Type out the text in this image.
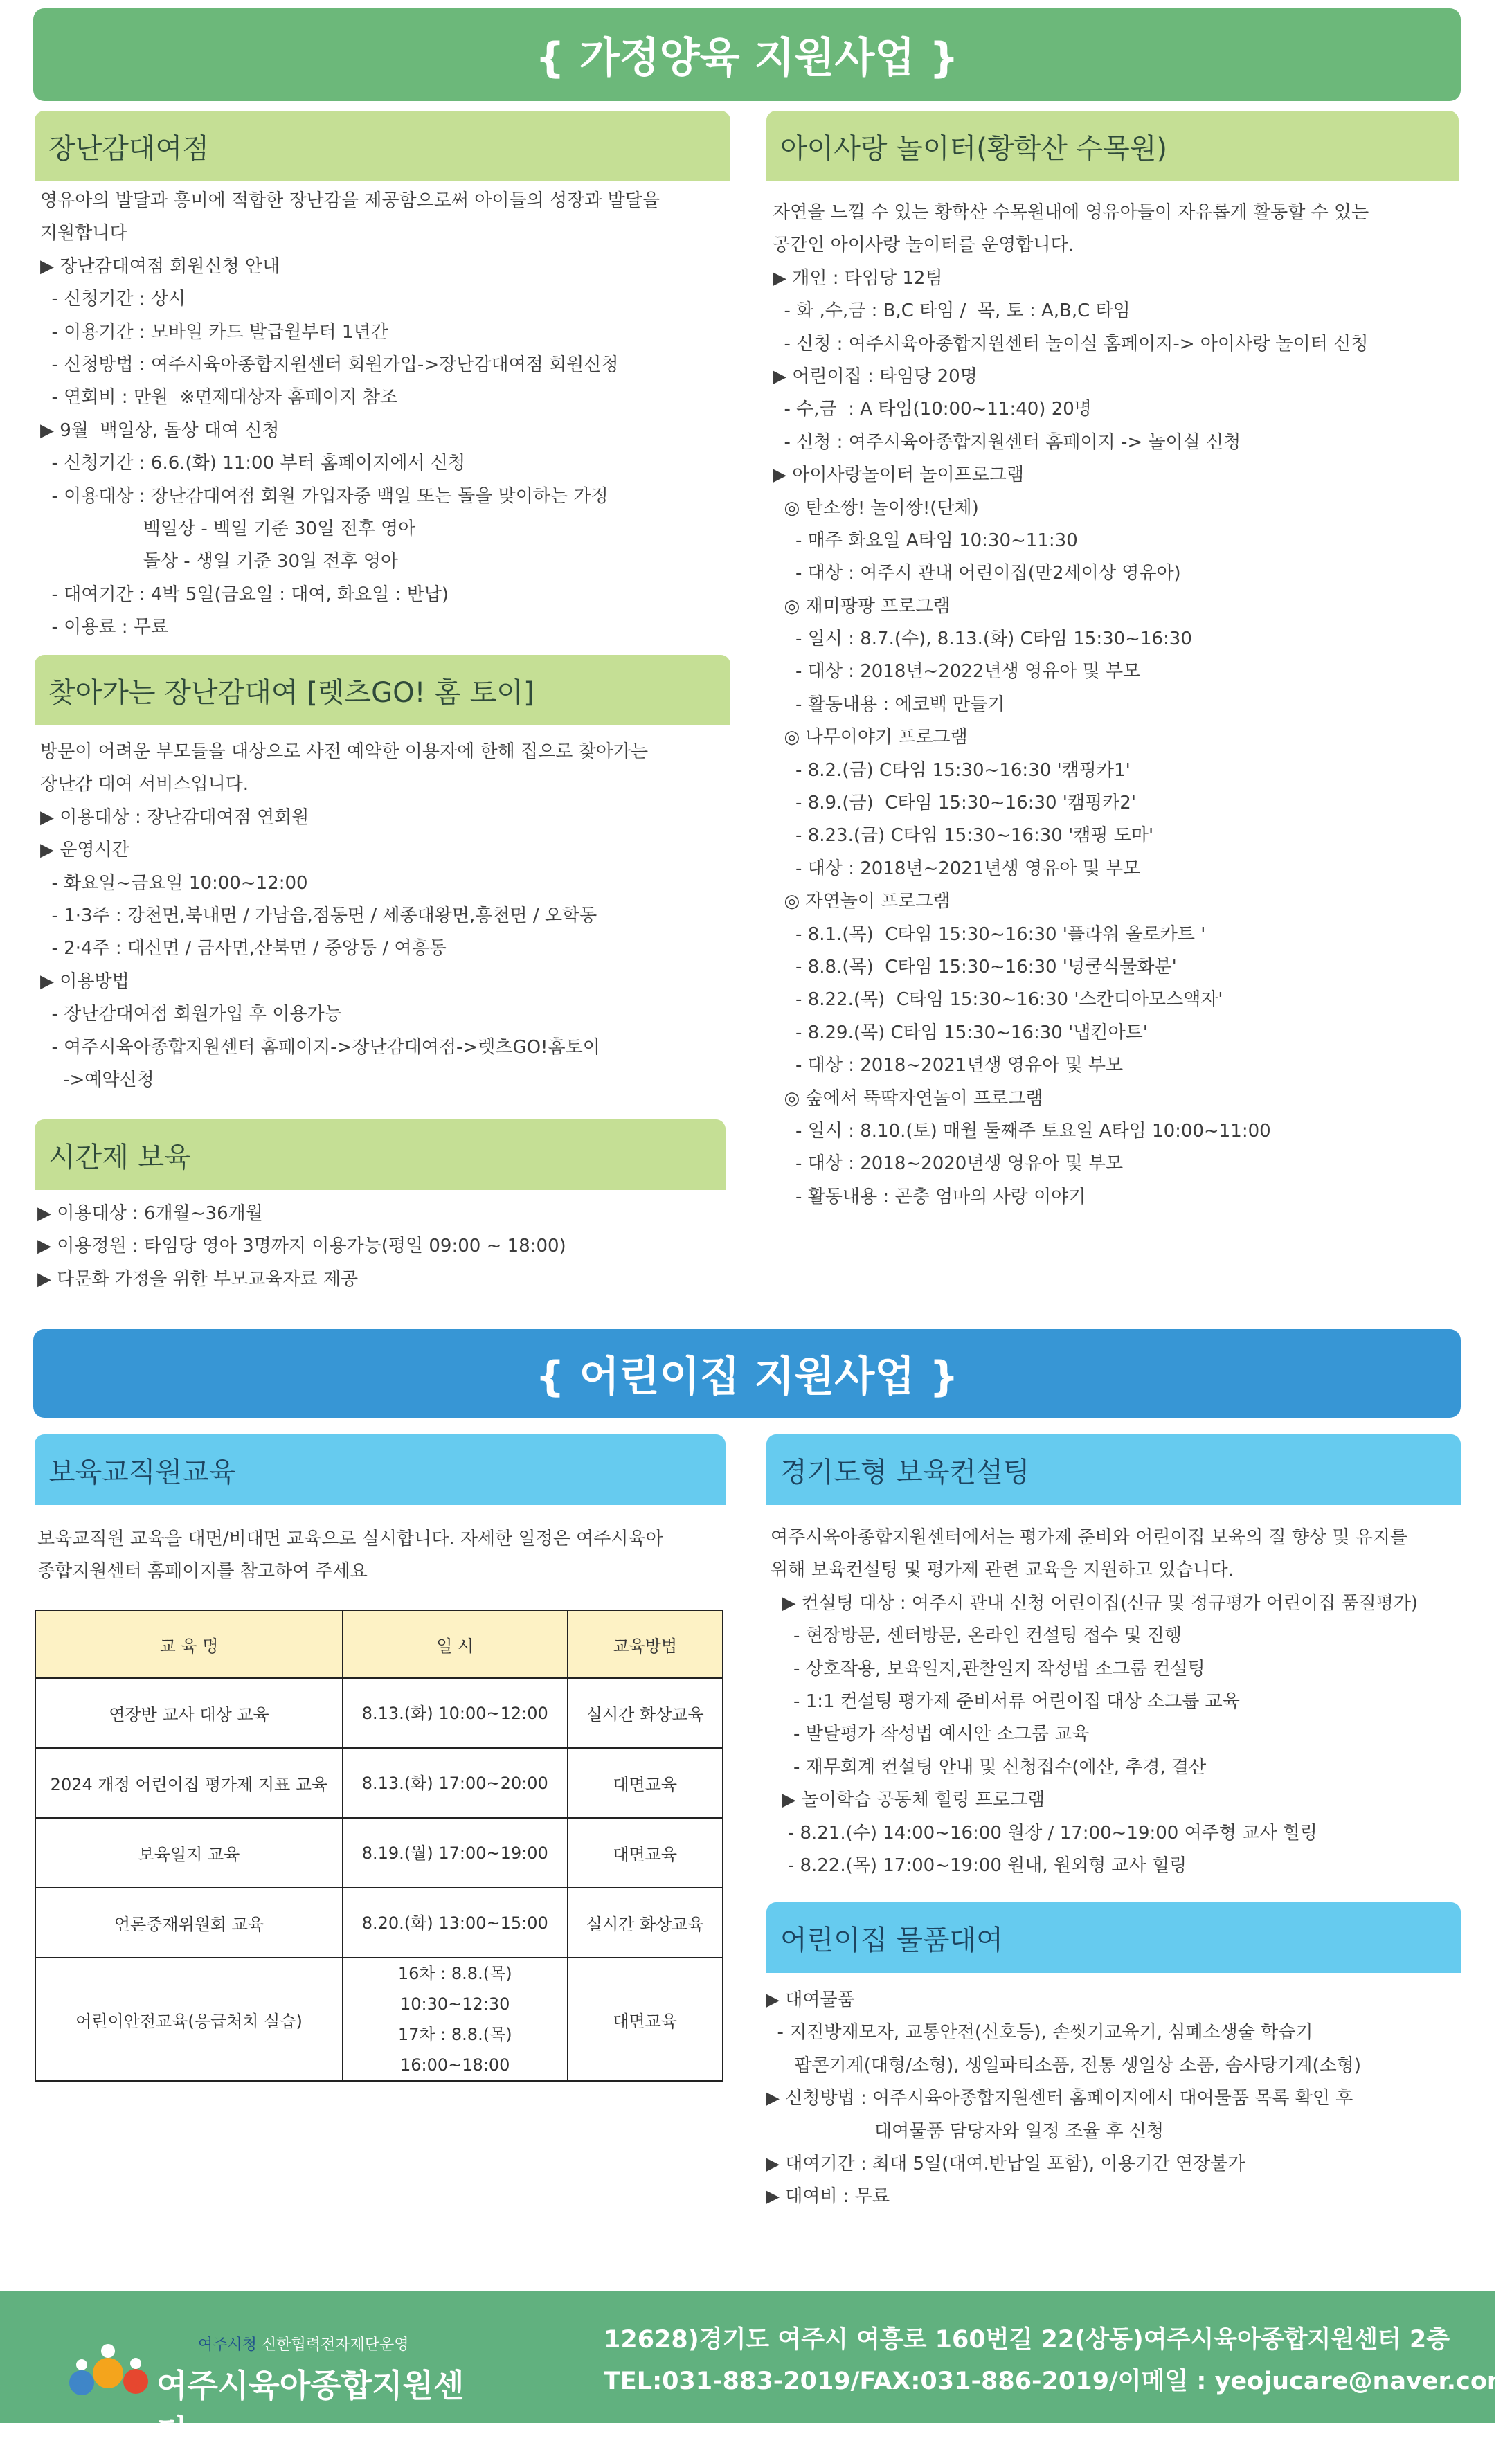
{ 가정양육 지원사업 }
장난감대여점
영유아의 발달과 흥미에 적합한 장난감을 제공함으로써 아이들의 성장과 발달을
지원합니다
▶ 장난감대여점 회원신청 안내
- 신청기간 : 상시
- 이용기간 : 모바일 카드 발급월부터 1년간
- 신청방법 : 여주시육아종합지원센터 회원가입->장난감대여점 회원신청
- 연회비 : 만원  ※면제대상자 홈페이지 참조
▶ 9월  백일상, 돌상 대여 신청
- 신청기간 : 6.6.(화) 11:00 부터 홈페이지에서 신청
- 이용대상 : 장난감대여점 회원 가입자중 백일 또는 돌을 맞이하는 가정
백일상 - 백일 기준 30일 전후 영아
돌상 - 생일 기준 30일 전후 영아
- 대여기간 : 4박 5일(금요일 : 대여, 화요일 : 반납)
- 이용료 : 무료
찾아가는 장난감대여 [렛츠GO! 홈 토이]
방문이 어려운 부모들을 대상으로 사전 예약한 이용자에 한해 집으로 찾아가는
장난감 대여 서비스입니다.
▶ 이용대상 : 장난감대여점 연회원
▶ 운영시간
- 화요일~금요일 10:00~12:00
- 1·3주 : 강천면,북내면 / 가남읍,점동면 / 세종대왕면,흥천면 / 오학동
- 2·4주 : 대신면 / 금사면,산북면 / 중앙동 / 여흥동
▶ 이용방법
- 장난감대여점 회원가입 후 이용가능
- 여주시육아종합지원센터 홈페이지->장난감대여점->렛츠GO!홈토이
->예약신청
시간제 보육
▶ 이용대상 : 6개월~36개월
▶ 이용정원 : 타임당 영아 3명까지 이용가능(평일 09:00 ~ 18:00)
▶ 다문화 가정을 위한 부모교육자료 제공
아이사랑 놀이터(황학산 수목원)
자연을 느낄 수 있는 황학산 수목원내에 영유아들이 자유롭게 활동할 수 있는
공간인 아이사랑 놀이터를 운영합니다.
▶ 개인 : 타임당 12팀
- 화 ,수,금 : B,C 타임 /  목, 토 : A,B,C 타임
- 신청 : 여주시육아종합지원센터 놀이실 홈페이지-> 아이사랑 놀이터 신청
▶ 어린이집 : 타임당 20명
- 수,금  : A 타임(10:00~11:40) 20명
- 신청 : 여주시육아종합지원센터 홈페이지 -> 놀이실 신청
▶ 아이사랑놀이터 놀이프로그램
◎ 탄소짱! 놀이짱!(단체)
- 매주 화요일 A타임 10:30~11:30
- 대상 : 여주시 관내 어린이집(만2세이상 영유아)
◎ 재미팡팡 프로그램
- 일시 : 8.7.(수), 8.13.(화) C타임 15:30~16:30
- 대상 : 2018년~2022년생 영유아 및 부모
- 활동내용 : 에코백 만들기
◎ 나무이야기 프로그램
- 8.2.(금) C타임 15:30~16:30 '캠핑카1'
- 8.9.(금)  C타임 15:30~16:30 '캠핑카2'
- 8.23.(금) C타임 15:30~16:30 '캠핑 도마'
- 대상 : 2018년~2021년생 영유아 및 부모
◎ 자연놀이 프로그램
- 8.1.(목)  C타임 15:30~16:30 '플라워 올로카트 '
- 8.8.(목)  C타임 15:30~16:30 '넝쿨식물화분'
- 8.22.(목)  C타임 15:30~16:30 '스칸디아모스액자'
- 8.29.(목) C타임 15:30~16:30 '냅킨아트'
- 대상 : 2018~2021년생 영유아 및 부모
◎ 숲에서 뚝딱자연놀이 프로그램
- 일시 : 8.10.(토) 매월 둘째주 토요일 A타임 10:00~11:00
- 대상 : 2018~2020년생 영유아 및 부모
- 활동내용 : 곤충 엄마의 사랑 이야기
{ 어린이집 지원사업 }
보육교직원교육
보육교직원 교육을 대면/비대면 교육으로 실시합니다. 자세한 일정은 여주시육아
종합지원센터 홈페이지를 참고하여 주세요
교 육 명	일 시	교육방법
연장반 교사 대상 교육	8.13.(화) 10:00~12:00	실시간 화상교육
2024 개정 어린이집 평가제 지표 교육	8.13.(화) 17:00~20:00	대면교육
보육일지 교육	8.19.(월) 17:00~19:00	대면교육
언론중재위원회 교육	8.20.(화) 13:00~15:00	실시간 화상교육
어린이안전교육(응급처치 실습)	16차 : 8.8.(목) 10:30~12:30
17차 : 8.8.(목) 16:00~18:00	대면교육
경기도형 보육컨설팅
여주시육아종합지원센터에서는 평가제 준비와 어린이집 보육의 질 향상 및 유지를
위해 보육컨설팅 및 평가제 관련 교육을 지원하고 있습니다.
▶ 컨설팅 대상 : 여주시 관내 신청 어린이집(신규 및 정규평가 어린이집 품질평가)
- 현장방문, 센터방문, 온라인 컨설팅 접수 및 진행
- 상호작용, 보육일지,관찰일지 작성법 소그룹 컨설팅
- 1:1 컨설팅 평가제 준비서류 어린이집 대상 소그룹 교육
- 발달평가 작성법 예시안 소그룹 교육
- 재무회계 컨설팅 안내 및 신청접수(예산, 추경, 결산
▶ 놀이학습 공동체 힐링 프로그램
- 8.21.(수) 14:00~16:00 원장 / 17:00~19:00 여주형 교사 힐링
- 8.22.(목) 17:00~19:00 원내, 원외형 교사 힐링
어린이집 물품대여
▶ 대여물품
- 지진방재모자, 교통안전(신호등), 손씻기교육기, 심폐소생술 학습기
팝콘기계(대형/소형), 생일파티소품, 전통 생일상 소품, 솜사탕기계(소형)
▶ 신청방법 : 여주시육아종합지원센터 홈페이지에서 대여물품 목록 확인 후
대여물품 담당자와 일정 조율 후 신청
▶ 대여기간 : 최대 5일(대여.반납일 포함), 이용기간 연장불가
▶ 대여비 : 무료
여주시청 신한협력전자재단운영
여주시육아종합지원센터
12628)경기도 여주시 여흥로 160번길 22(상동)여주시육아종합지원센터 2층
TEL:031-883-2019/FAX:031-886-2019/이메일 : yeojucare@naver.com
